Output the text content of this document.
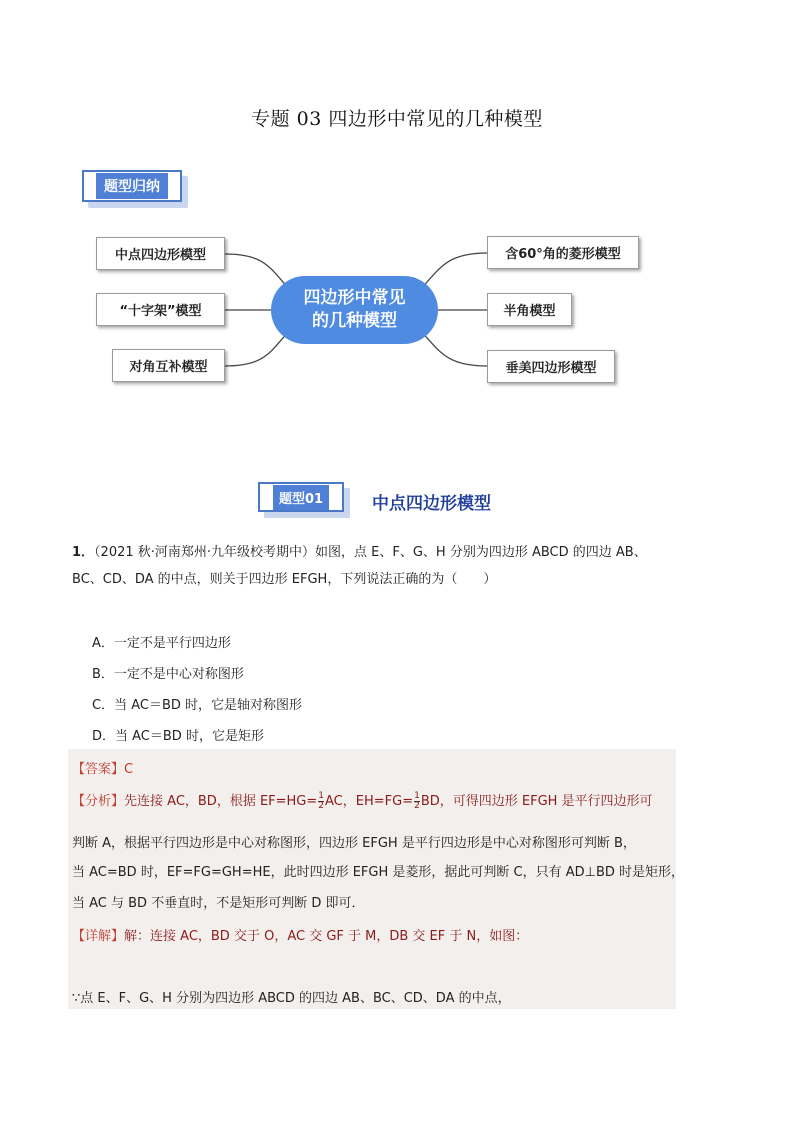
专题 03 四边形中常见的几种模型
题型归纳
中点四边形模型
“十字架”模型
对角互补模型
四边形中常见
的几种模型
含60°角的菱形模型
半角模型
垂美四边形模型
题型01	中点四边形模型
1．（2021 秋·河南郑州·九年级校考期中）如图，点 E、F、G、H 分别为四边形 ABCD 的四边 AB、
BC、CD、DA 的中点，则关于四边形 EFGH，下列说法正确的为（　　）
A．一定不是平行四边形
B．一定不是中心对称图形
C．当 AC＝BD 时，它是轴对称图形
D．当 AC＝BD 时，它是矩形
【答案】C
【分析】先连接 AC，BD，根据 $EF=HG= \frac{1}{2}$ AC，$EH=FG= \frac{1}{2}$ BD，可得四边形 EFGH 是平行四边形可
判断 A，根据平行四边形是中心对称图形，四边形 EFGH 是平行四边形是中心对称图形可判断 B，
当 AC=BD 时，EF=FG=GH=HE，此时四边形 EFGH 是菱形，据此可判断 C，只有 AD⊥BD 时是矩形，
当 AC 与 BD 不垂直时，不是矩形可判断 D 即可．
【详解】解：连接 AC，BD 交于 O，AC 交 GF 于 M，DB 交 EF 于 N，如图：
∵点 E、F、G、H 分别为四边形 ABCD 的四边 AB、BC、CD、DA 的中点，
